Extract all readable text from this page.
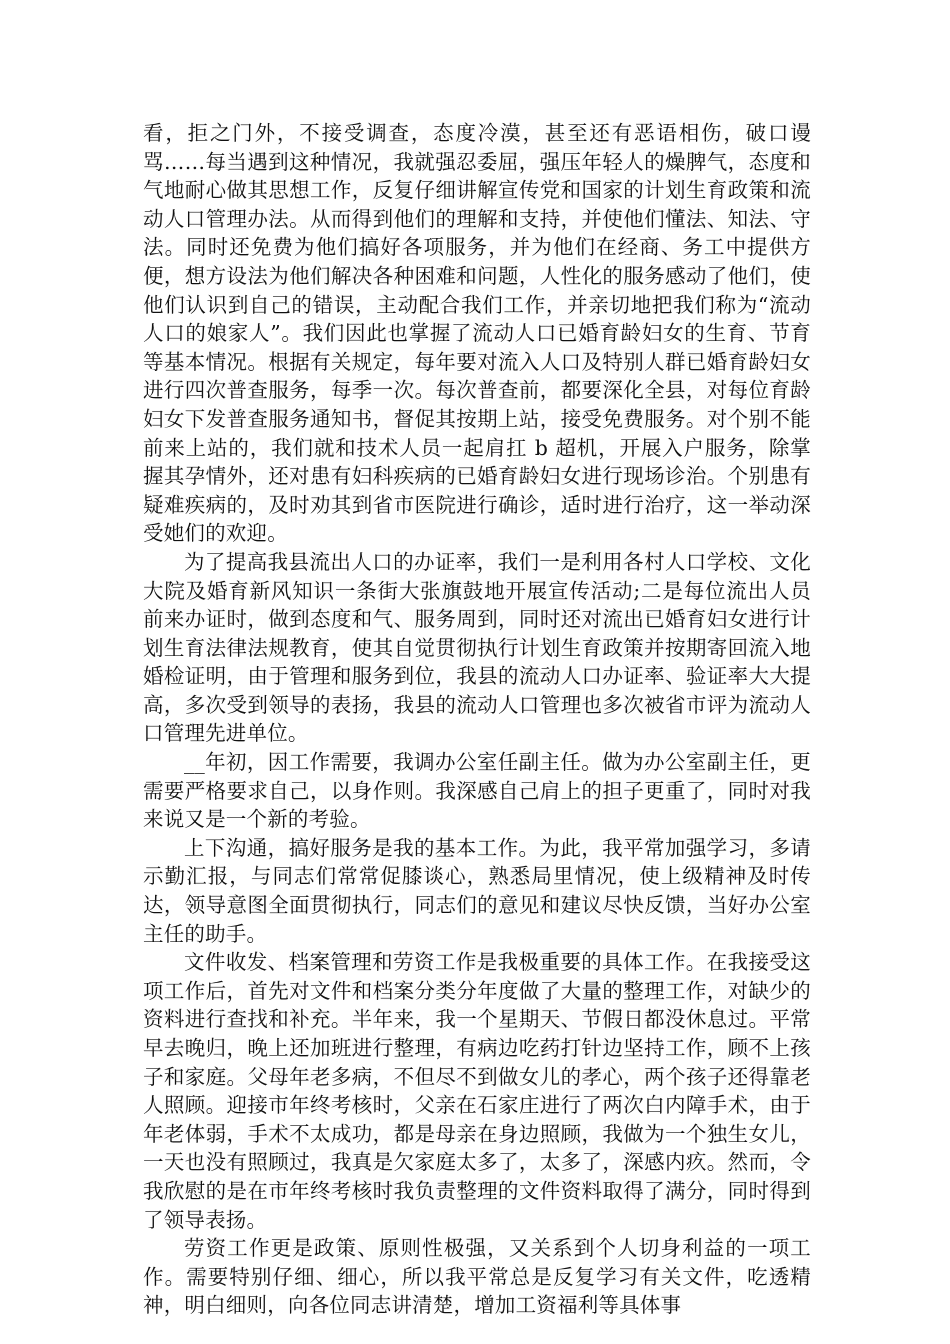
看，拒之门外，不接受调查，态度冷漠，甚至还有恶语相伤，破口谩骂……每当遇到这种情况，我就强忍委屈，强压年轻人的燥脾气，态度和气地耐心做其思想工作，反复仔细讲解宣传党和国家的计划生育政策和流动人口管理办法。从而得到他们的理解和支持，并使他们懂法、知法、守法。同时还免费为他们搞好各项服务，并为他们在经商、务工中提供方便，想方设法为他们解决各种困难和问题，人性化的服务感动了他们，使他们认识到自己的错误，主动配合我们工作，并亲切地把我们称为“流动人口的娘家人”。我们因此也掌握了流动人口已婚育龄妇女的生育、节育等基本情况。根据有关规定，每年要对流入人口及特别人群已婚育龄妇女进行四次普查服务，每季一次。每次普查前，都要深化全县，对每位育龄妇女下发普查服务通知书，督促其按期上站，接受免费服务。对个别不能前来上站的，我们就和技术人员一起肩扛 b 超机，开展入户服务，除掌握其孕情外，还对患有妇科疾病的已婚育龄妇女进行现场诊治。个别患有疑难疾病的，及时劝其到省市医院进行确诊，适时进行治疗，这一举动深受她们的欢迎。

为了提高我县流出人口的办证率，我们一是利用各村人口学校、文化大院及婚育新风知识一条街大张旗鼓地开展宣传活动;二是每位流出人员前来办证时，做到态度和气、服务周到，同时还对流出已婚育妇女进行计划生育法律法规教育，使其自觉贯彻执行计划生育政策并按期寄回流入地婚检证明，由于管理和服务到位，我县的流动人口办证率、验证率大大提高，多次受到领导的表扬，我县的流动人口管理也多次被省市评为流动人口管理先进单位。

__年初，因工作需要，我调办公室任副主任。做为办公室副主任，更需要严格要求自己，以身作则。我深感自己肩上的担子更重了，同时对我来说又是一个新的考验。

上下沟通，搞好服务是我的基本工作。为此，我平常加强学习，多请示勤汇报，与同志们常常促膝谈心，熟悉局里情况，使上级精神及时传达，领导意图全面贯彻执行，同志们的意见和建议尽快反馈，当好办公室主任的助手。

文件收发、档案管理和劳资工作是我极重要的具体工作。在我接受这项工作后，首先对文件和档案分类分年度做了大量的整理工作，对缺少的资料进行查找和补充。半年来，我一个星期天、节假日都没休息过。平常早去晚归，晚上还加班进行整理，有病边吃药打针边坚持工作，顾不上孩子和家庭。父母年老多病，不但尽不到做女儿的孝心，两个孩子还得靠老人照顾。迎接市年终考核时，父亲在石家庄进行了两次白内障手术，由于年老体弱，手术不太成功，都是母亲在身边照顾，我做为一个独生女儿，一天也没有照顾过，我真是欠家庭太多了，太多了，深感内疚。然而，令我欣慰的是在市年终考核时我负责整理的文件资料取得了满分，同时得到了领导表扬。

劳资工作更是政策、原则性极强，又关系到个人切身利益的一项工作。需要特别仔细、细心，所以我平常总是反复学习有关文件，吃透精神，明白细则，向各位同志讲清楚，增加工资福利等具体事
